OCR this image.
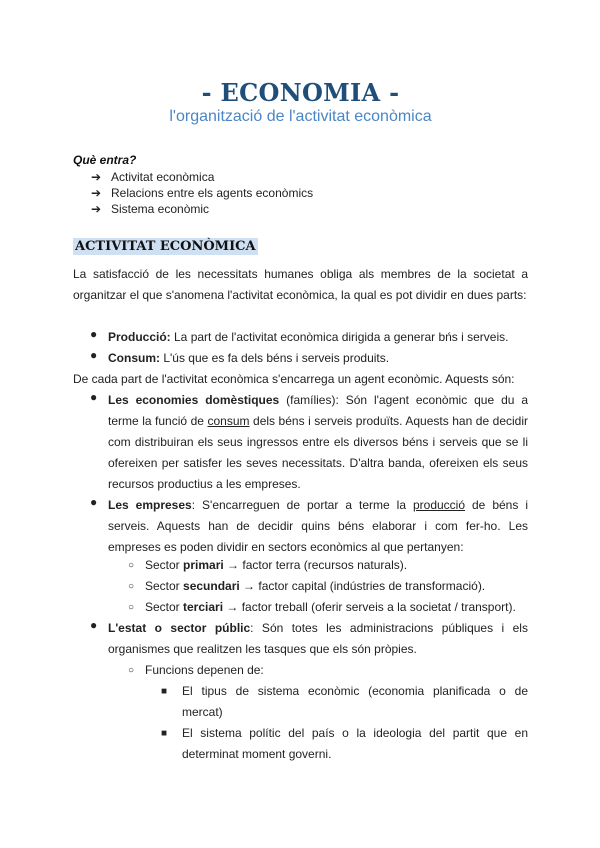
- ECONOMIA -
l'organització de l'activitat econòmica
Què entra?
➔ Activitat econòmica
➔ Relacions entre els agents econòmics
➔ Sistema econòmic
ACTIVITAT ECONÒMICA

La satisfacció de les necessitats humanes obliga als membres de la societat a organitzar el que s'anomena l'activitat econòmica, la qual es pot dividir en dues parts:

● Producció: La part de l'activitat econòmica dirigida a generar bńs i serveis.
● Consum: L'ús que es fa dels béns i serveis produits.

De cada part de l'activitat econòmica s'encarrega un agent econòmic. Aquests són:

● Les economies domèstiques (famílies): Són l'agent econòmic que du a terme la funció de consum dels béns i serveis produïts. Aquests han de decidir com distribuiran els seus ingressos entre els diversos béns i serveis que se li ofereixen per satisfer les seves necessitats. D'altra banda, ofereixen els seus recursos productius a les empreses.
● Les empreses: S'encarreguen de portar a terme la producció de béns i serveis. Aquests han de decidir quins béns elaborar i com fer-ho. Les empreses es poden dividir en sectors econòmics al que pertanyen:
○ Sector primari → factor terra (recursos naturals).
○ Sector secundari → factor capital (indústries de transformació).
○ Sector terciari → factor treball (oferir serveis a la societat / transport).
● L'estat o sector públic: Són totes les administracions públiques i els organismes que realitzen les tasques que els són pròpies.
○ Funcions depenen de:
■ El tipus de sistema econòmic (economia planificada o de mercat)
■ El sistema polític del país o la ideologia del partit que en determinat moment governi.
